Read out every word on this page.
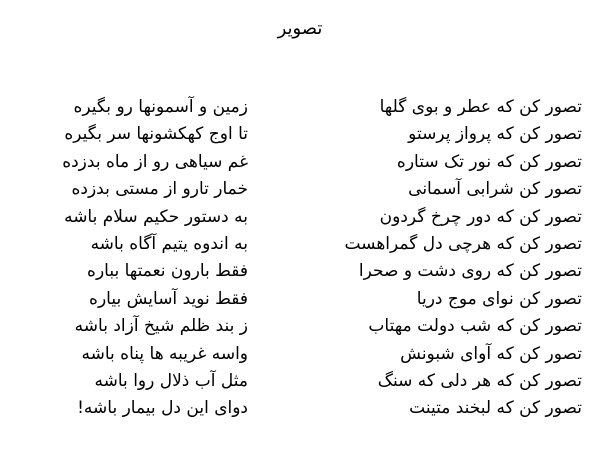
تصویر
تصور کن که عطر و بوی گلها
تصور کن که پرواز پرستو
تصور کن که نور تک ستاره
تصور کن شرابی آسمانی
تصور کن که دور چرخ گردون
تصور کن که هرچی دل گمراهست
تصور کن که روی دشت و صحرا
تصور کن نوای موج دریا
تصور کن که شب دولت مهتاب
تصور کن که آوای شبونش
تصور کن که هر دلی که سنگ
تصور کن که لبخند متینت
زمین و آسمونها رو بگیره
تا اوج کهکشونها سر بگیره
غم سیاهی رو از ماه بدزده
خمار تارو از مستی بدزده
به دستور حکیم سلام باشه
به اندوه یتیم آگاه باشه
فقط بارون نعمتها بباره
فقط نوید آسایش بیاره
ز بند ظلم شیخ آزاد باشه
واسه غریبه ها پناه باشه
مثل آب ذلال روا باشه
دوای این دل بیمار باشه!
